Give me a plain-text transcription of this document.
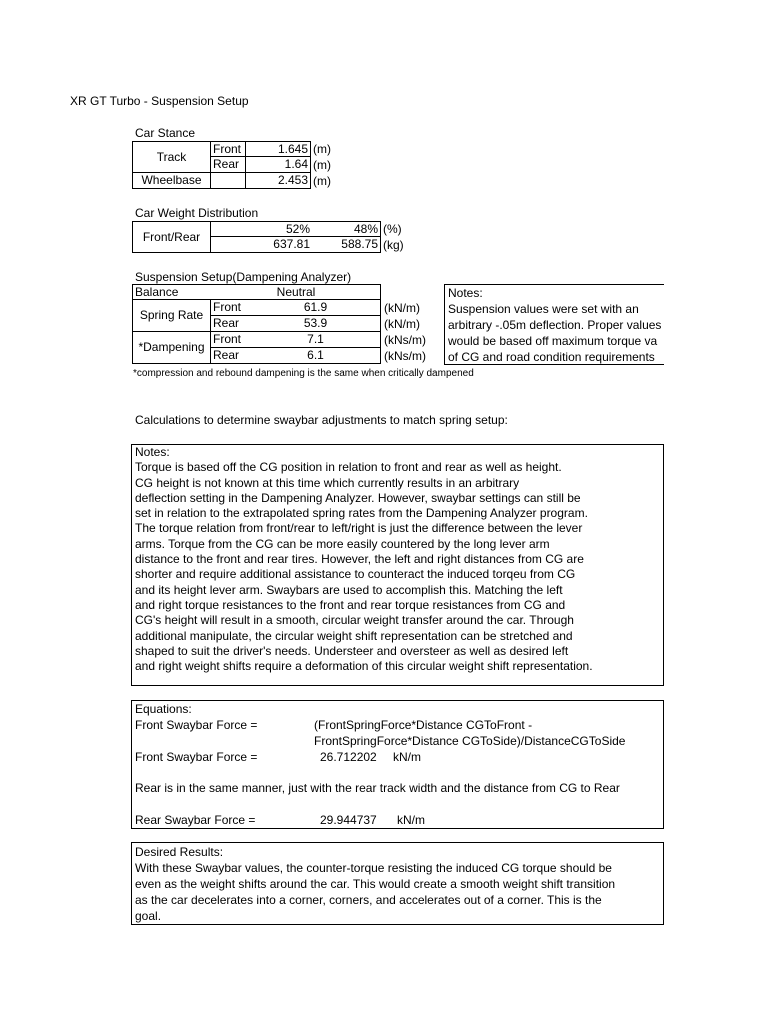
XR GT Turbo - Suspension Setup
Car Stance
Track
Front	1.645 (m)
Rear	1.64 (m)
Wheelbase	2.453 (m)
Car Weight Distribution
Front/Rear
52%	48% (%)
637.81	588.75 (kg)
Suspension Setup(Dampening Analyzer)
Balance	Neutral
Spring Rate
Front	61.9	(kN/m)
Rear	53.9	(kN/m)
*Dampening
Front	7.1	(kNs/m)
Rear	6.1	(kNs/m)
Notes:
Suspension values were set with an
arbitrary -.05m deflection. Proper values
would be based off maximum torque va
of CG and road condition requirements
*compression and rebound dampening is the same when critically dampened
Calculations to determine swaybar adjustments to match spring setup:
Notes:
Torque is based off the CG position in relation to front and rear as well as height.
CG height is not known at this time which currently results in an arbitrary
deflection setting in the Dampening Analyzer. However, swaybar settings can still be
set in relation to the extrapolated spring rates from the Dampening Analyzer program.
The torque relation from front/rear to left/right is just the difference between the lever
arms. Torque from the CG can be more easily countered by the long lever arm
distance to the front and rear tires. However, the left and right distances from CG are
shorter and require additional assistance to counteract the induced torqeu from CG
and its height lever arm. Swaybars are used to accomplish this. Matching the left
and right torque resistances to the front and rear torque resistances from CG and
CG's height will result in a smooth, circular weight transfer around the car. Through
additional manipulate, the circular weight shift representation can be stretched and
shaped to suit the driver's needs. Understeer and oversteer as well as desired left
and right weight shifts require a deformation of this circular weight shift representation.
Equations:
Front Swaybar Force =	(FrontSpringForce*Distance CGToFront -
FrontSpringForce*Distance CGToSide)/DistanceCGToSide
Front Swaybar Force =	26.712202 kN/m
Rear is in the same manner, just with the rear track width and the distance from CG to Rear
Rear Swaybar Force =	29.944737 kN/m
Desired Results:
With these Swaybar values, the counter-torque resisting the induced CG torque should be
even as the weight shifts around the car. This would create a smooth weight shift transition
as the car decelerates into a corner, corners, and accelerates out of a corner. This is the
goal.
